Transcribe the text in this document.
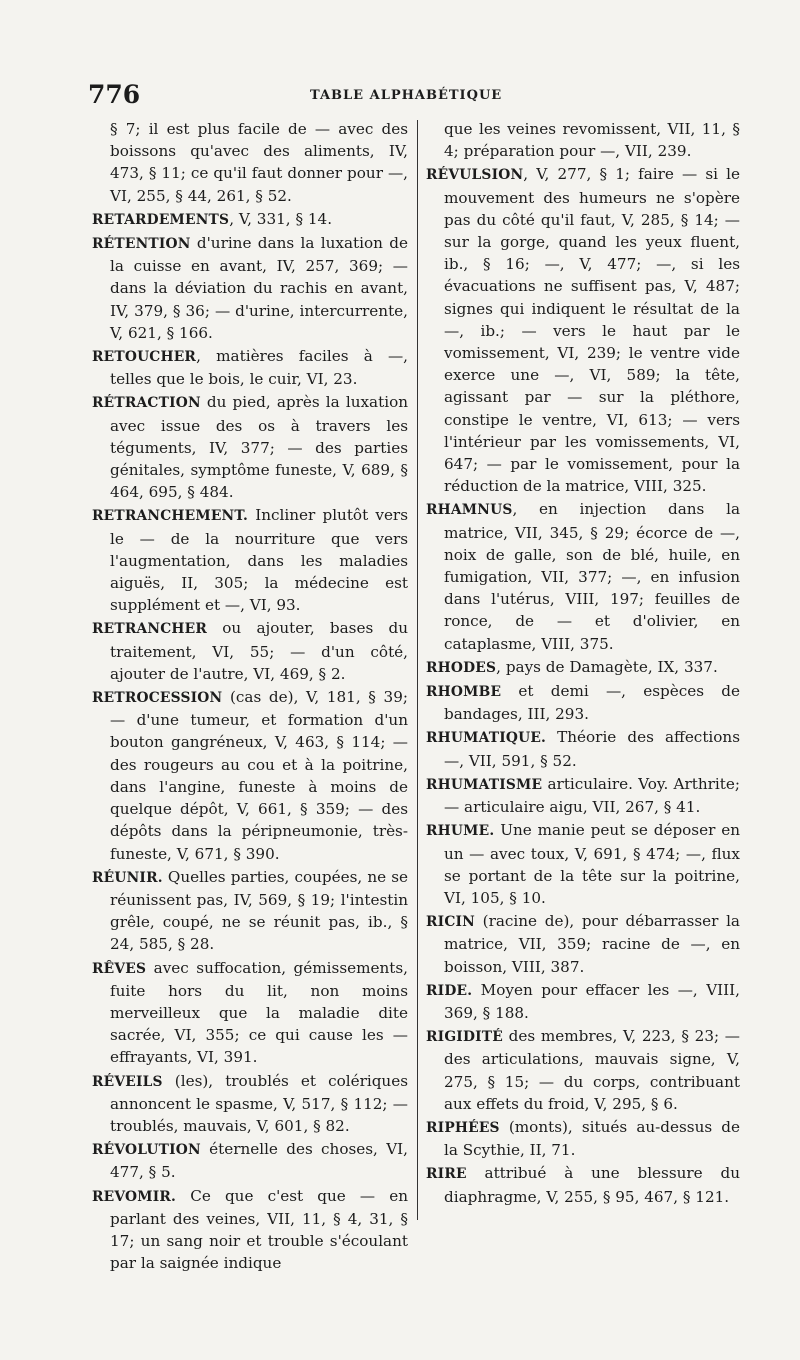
776	TABLE ALPHABÉTIQUE

§ 7; il est plus facile de — avec des boissons qu'avec des aliments, IV, 473, § 11; ce qu'il faut donner pour —, VI, 255, § 44, 261, § 52.

RETARDEMENTS, V, 331, § 14.

RÉTENTION d'urine dans la luxation de la cuisse en avant, IV, 257, 369; — dans la déviation du rachis en avant, IV, 379, § 36; — d'urine, intercurrente, V, 621, § 166.

RETOUCHER, matières faciles à —, telles que le bois, le cuir, VI, 23.

RÉTRACTION du pied, après la luxation avec issue des os à travers les téguments, IV, 377; — des parties génitales, symptôme funeste, V, 689, § 464, 695, § 484.

RETRANCHEMENT. Incliner plutôt vers le — de la nourriture que vers l'augmentation, dans les maladies aiguës, II, 305; la médecine est supplément et —, VI, 93.

RETRANCHER ou ajouter, bases du traitement, VI, 55; — d'un côté, ajouter de l'autre, VI, 469, § 2.

RETROCESSION (cas de), V, 181, § 39; — d'une tumeur, et formation d'un bouton gangréneux, V, 463, § 114; — des rougeurs au cou et à la poitrine, dans l'angine, funeste à moins de quelque dépôt, V, 661, § 359; — des dépôts dans la péripneumonie, très-funeste, V, 671, § 390.

RÉUNIR. Quelles parties, coupées, ne se réunissent pas, IV, 569, § 19; l'intestin grêle, coupé, ne se réunit pas, ib., § 24, 585, § 28.

RÊVES avec suffocation, gémissements, fuite hors du lit, non moins merveilleux que la maladie dite sacrée, VI, 355; ce qui cause les — effrayants, VI, 391.

RÉVEILS (les), troublés et colériques annoncent le spasme, V, 517, § 112; — troublés, mauvais, V, 601, § 82.

RÉVOLUTION éternelle des choses, VI, 477, § 5.

REVOMIR. Ce que c'est que — en parlant des veines, VII, 11, § 4, 31, § 17; un sang noir et trouble s'écoulant par la saignée indique

que les veines revomissent, VII, 11, § 4; préparation pour —, VII, 239.

RÉVULSION, V, 277, § 1; faire — si le mouvement des humeurs ne s'opère pas du côté qu'il faut, V, 285, § 14; — sur la gorge, quand les yeux fluent, ib., § 16; —, V, 477; —, si les évacuations ne suffisent pas, V, 487; signes qui indiquent le résultat de la —, ib.; — vers le haut par le vomissement, VI, 239; le ventre vide exerce une —, VI, 589; la tête, agissant par — sur la pléthore, constipe le ventre, VI, 613; — vers l'intérieur par les vomissements, VI, 647; — par le vomissement, pour la réduction de la matrice, VIII, 325.

RHAMNUS, en injection dans la matrice, VII, 345, § 29; écorce de —, noix de galle, son de blé, huile, en fumigation, VII, 377; —, en infusion dans l'utérus, VIII, 197; feuilles de ronce, de — et d'olivier, en cataplasme, VIII, 375.

RHODES, pays de Damagète, IX, 337.

RHOMBE et demi —, espèces de bandages, III, 293.

RHUMATIQUE. Théorie des affections —, VII, 591, § 52.

RHUMATISME articulaire. Voy. Arthrite; — articulaire aigu, VII, 267, § 41.

RHUME. Une manie peut se déposer en un — avec toux, V, 691, § 474; —, flux se portant de la tête sur la poitrine, VI, 105, § 10.

RICIN (racine de), pour débarrasser la matrice, VII, 359; racine de —, en boisson, VIII, 387.

RIDE. Moyen pour effacer les —, VIII, 369, § 188.

RIGIDITÉ des membres, V, 223, § 23; — des articulations, mauvais signe, V, 275, § 15; — du corps, contribuant aux effets du froid, V, 295, § 6.

RIPHÉES (monts), situés au-dessus de la Scythie, II, 71.

RIRE attribué à une blessure du diaphragme, V, 255, § 95, 467, § 121.
